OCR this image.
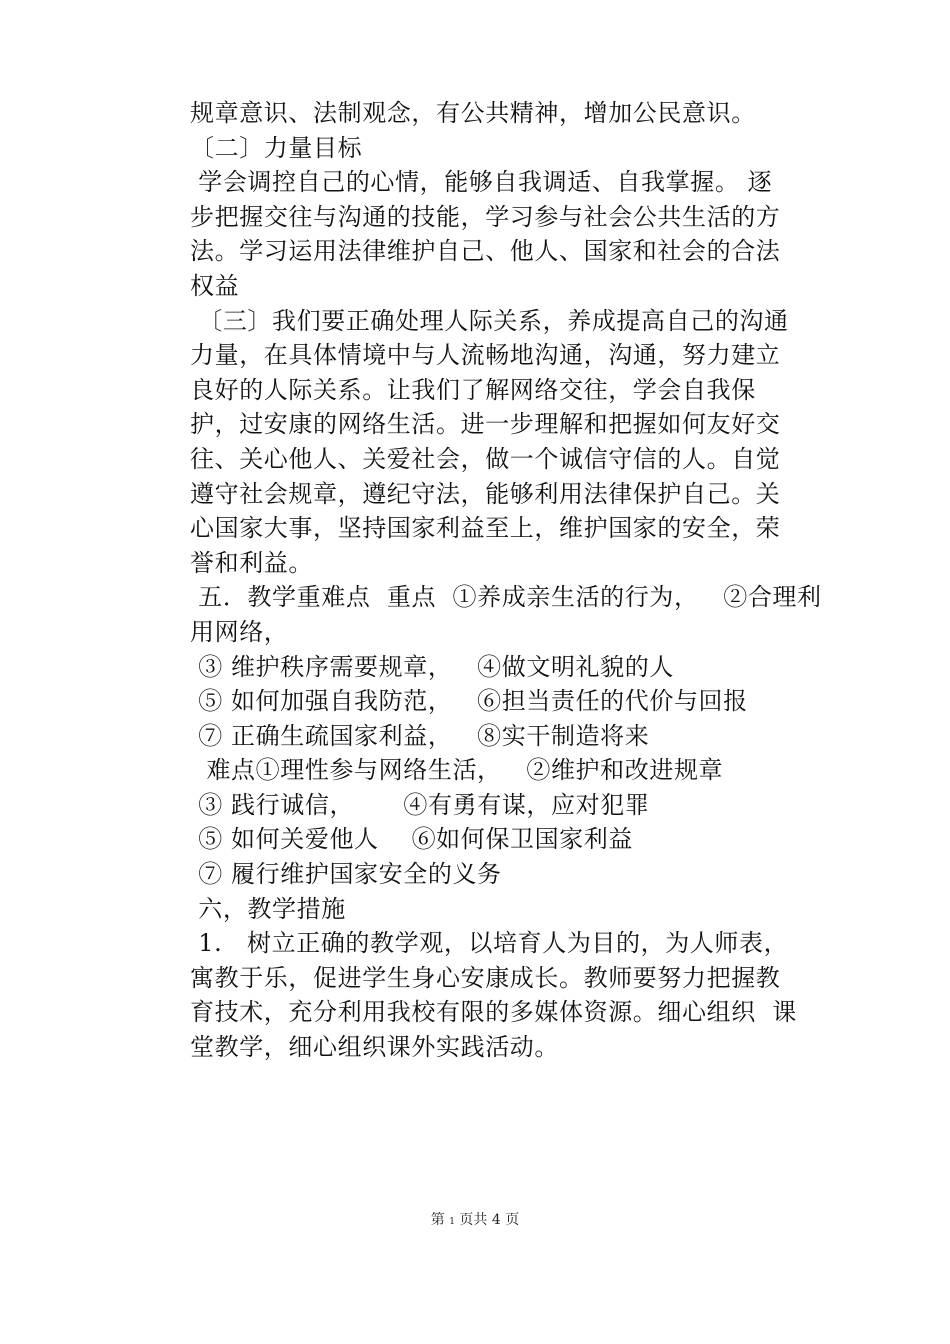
规章意识、法制观念，有公共精神，增加公民意识。
〔二〕力量目标
学会调控自己的心情，能够自我调适、自我掌握。 逐
步把握交往与沟通的技能，学习参与社会公共生活的方
法。学习运用法律维护自己、他人、国家和社会的合法
权益
〔三〕我们要正确处理人际关系，养成提高自己的沟通
力量，在具体情境中与人流畅地沟通，沟通，努力建立
良好的人际关系。让我们了解网络交往，学会自我保
护，过安康的网络生活。进一步理解和把握如何友好交
往、关心他人、关爱社会，做一个诚信守信的人。自觉
遵守社会规章，遵纪守法，能够利用法律保护自己。关
心国家大事，坚持国家利益至上，维护国家的安全，荣
誉和利益。
五．教学重难点  重点  ①养成亲生活的行为，   ②合理利
用网络，
③ 维护秩序需要规章，   ④做文明礼貌的人
⑤ 如何加强自我防范，   ⑥担当责任的代价与回报
⑦ 正确生疏国家利益，   ⑧实干制造将来
难点①理性参与网络生活，   ②维护和改进规章
③ 践行诚信，      ④有勇有谋，应对犯罪
⑤ 如何关爱他人    ⑥如何保卫国家利益
⑦ 履行维护国家安全的义务
六，教学措施
1.   树立正确的教学观，以培育人为目的，为人师表，
寓教于乐，促进学生身心安康成长。教师要努力把握教
育技术，充分利用我校有限的多媒体资源。细心组织  课
堂教学，细心组织课外实践活动。
第 1 页共 4 页
